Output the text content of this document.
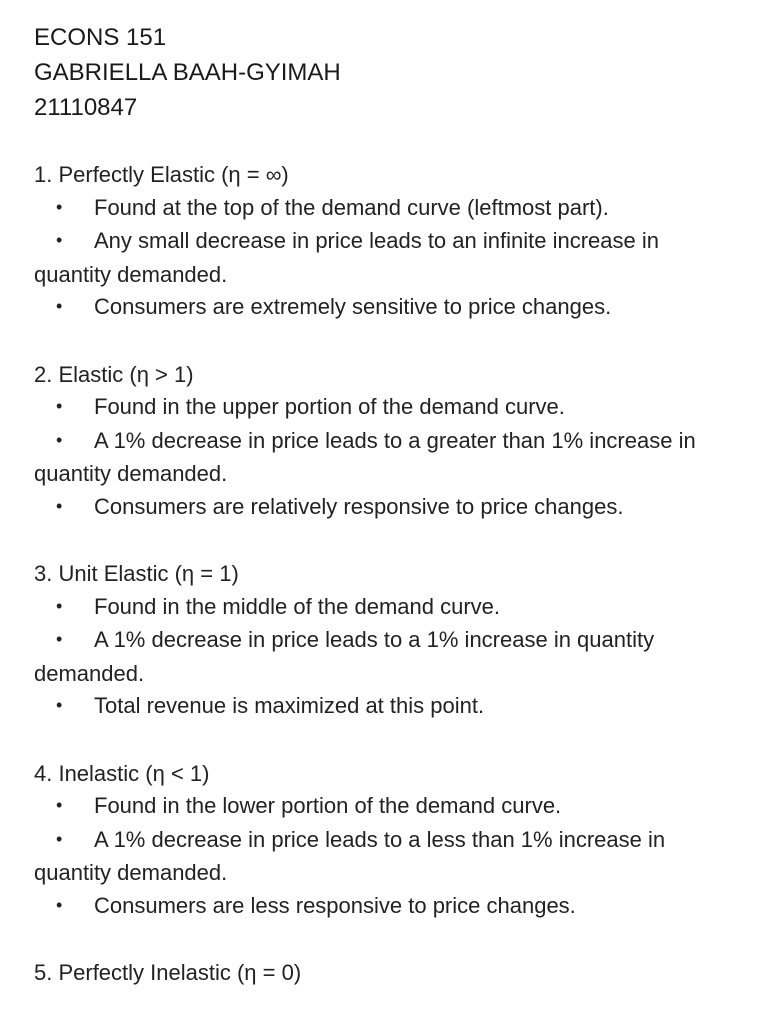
ECONS 151
GABRIELLA BAAH-GYIMAH
21110847
1. Perfectly Elastic (η = ∞)
• Found at the top of the demand curve (leftmost part).
• Any small decrease in price leads to an infinite increase in quantity demanded.
• Consumers are extremely sensitive to price changes.
2. Elastic (η > 1)
• Found in the upper portion of the demand curve.
• A 1% decrease in price leads to a greater than 1% increase in quantity demanded.
• Consumers are relatively responsive to price changes.
3. Unit Elastic (η = 1)
• Found in the middle of the demand curve.
• A 1% decrease in price leads to a 1% increase in quantity demanded.
• Total revenue is maximized at this point.
4. Inelastic (η < 1)
• Found in the lower portion of the demand curve.
• A 1% decrease in price leads to a less than 1% increase in quantity demanded.
• Consumers are less responsive to price changes.
5. Perfectly Inelastic (η = 0)
